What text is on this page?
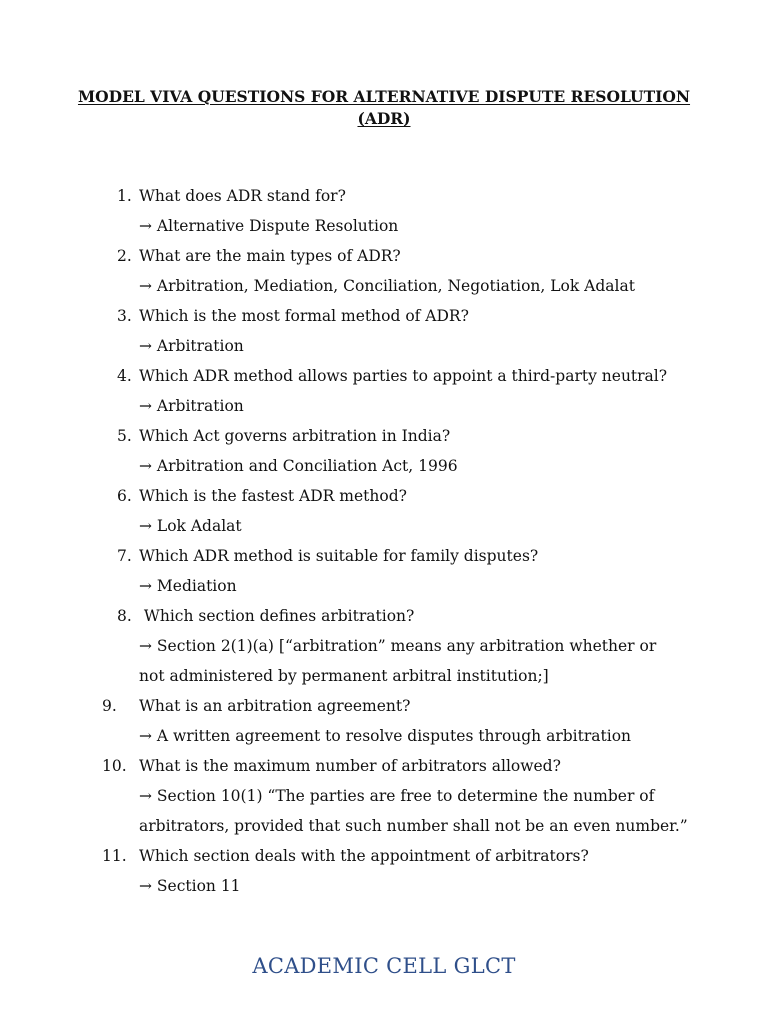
MODEL VIVA QUESTIONS FOR ALTERNATIVE DISPUTE RESOLUTION
(ADR)
1. What does ADR stand for?
→ Alternative Dispute Resolution
2. What are the main types of ADR?
→ Arbitration, Mediation, Conciliation, Negotiation, Lok Adalat
3. Which is the most formal method of ADR?
→ Arbitration
4. Which ADR method allows parties to appoint a third-party neutral?
→ Arbitration
5. Which Act governs arbitration in India?
→ Arbitration and Conciliation Act, 1996
6. Which is the fastest ADR method?
→ Lok Adalat
7. Which ADR method is suitable for family disputes?
→ Mediation
8. Which section defines arbitration?
→ Section 2(1)(a) [“arbitration” means any arbitration whether or
not administered by permanent arbitral institution;]
9.	What is an arbitration agreement?
→ A written agreement to resolve disputes through arbitration
10. What is the maximum number of arbitrators allowed?
→ Section 10(1) “The parties are free to determine the number of
arbitrators, provided that such number shall not be an even number.”
11. Which section deals with the appointment of arbitrators?
→ Section 11
ACADEMIC CELL GLCT
